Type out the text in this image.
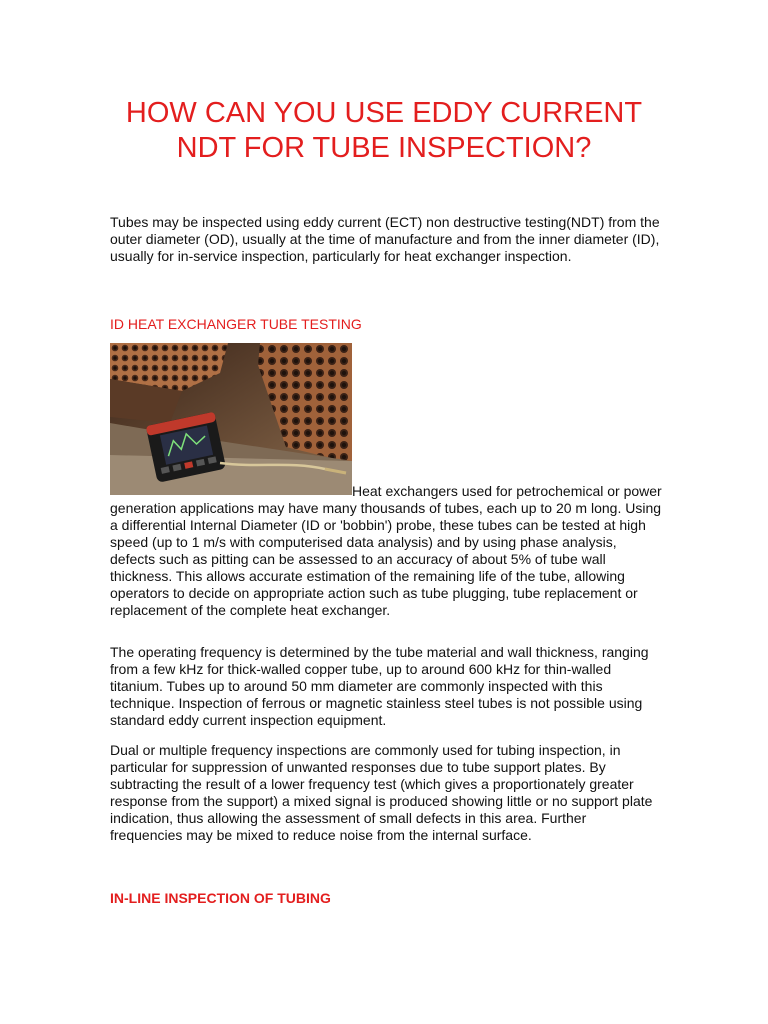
HOW CAN YOU USE EDDY CURRENT NDT FOR TUBE INSPECTION?

Tubes may be inspected using eddy current (ECT) non destructive testing(NDT) from the outer diameter (OD), usually at the time of manufacture and from the inner diameter (ID), usually for in-service inspection, particularly for heat exchanger inspection.

ID HEAT EXCHANGER TUBE TESTING

Heat exchangers used for petrochemical or power generation applications may have many thousands of tubes, each up to 20 m long. Using a differential Internal Diameter (ID or 'bobbin') probe, these tubes can be tested at high speed (up to 1 m/s with computerised data analysis) and by using phase analysis, defects such as pitting can be assessed to an accuracy of about 5% of tube wall thickness. This allows accurate estimation of the remaining life of the tube, allowing operators to decide on appropriate action such as tube plugging, tube replacement or replacement of the complete heat exchanger.

The operating frequency is determined by the tube material and wall thickness, ranging from a few kHz for thick-walled copper tube, up to around 600 kHz for thin-walled titanium. Tubes up to around 50 mm diameter are commonly inspected with this technique. Inspection of ferrous or magnetic stainless steel tubes is not possible using standard eddy current inspection equipment.

Dual or multiple frequency inspections are commonly used for tubing inspection, in particular for suppression of unwanted responses due to tube support plates. By subtracting the result of a lower frequency test (which gives a proportionately greater response from the support) a mixed signal is produced showing little or no support plate indication, thus allowing the assessment of small defects in this area. Further frequencies may be mixed to reduce noise from the internal surface.

IN-LINE INSPECTION OF TUBING
